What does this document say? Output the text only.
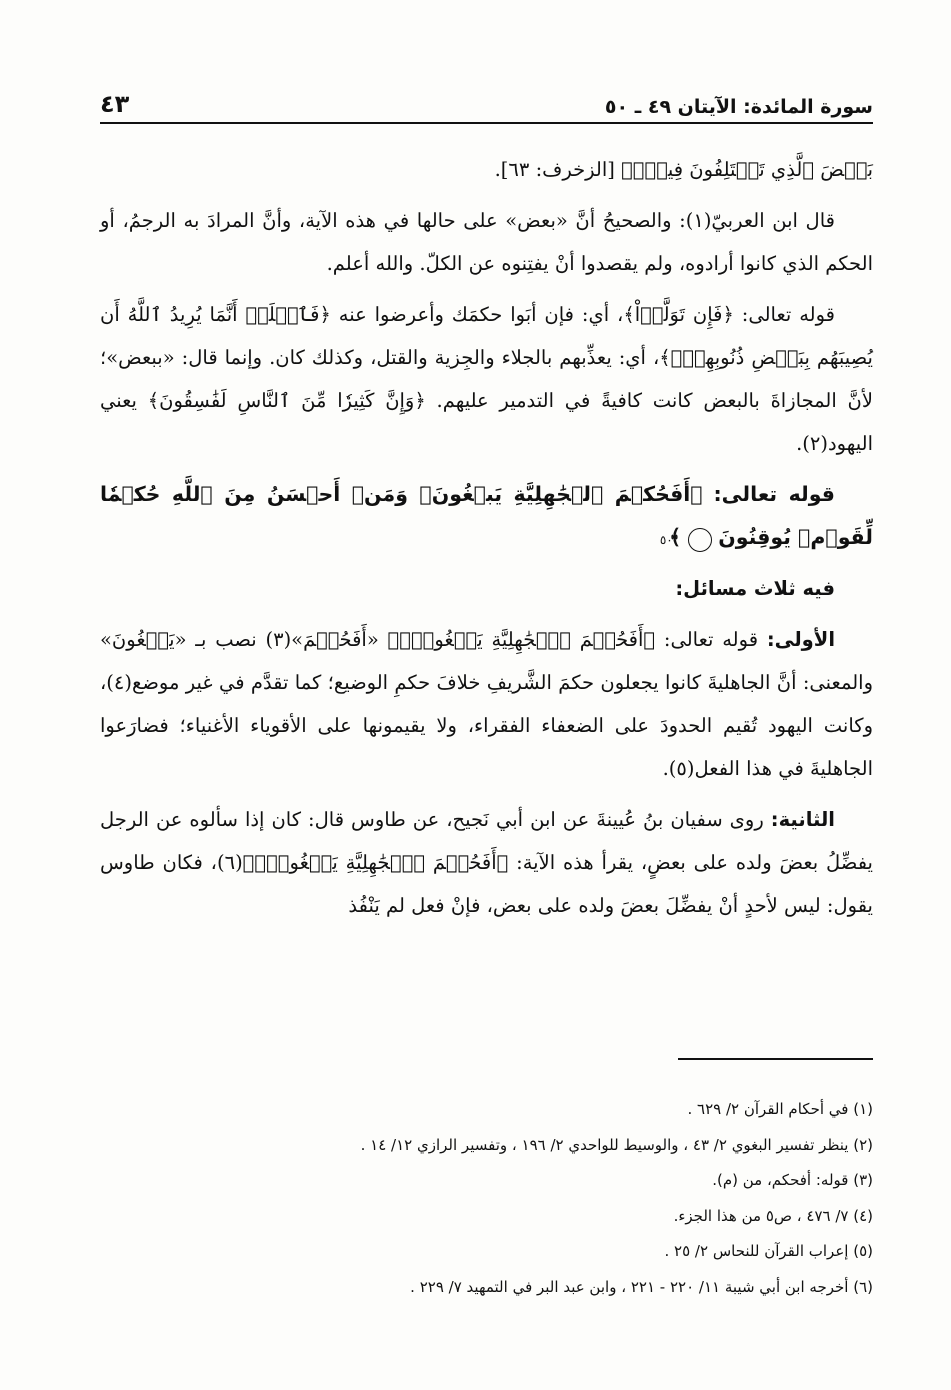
سورة المائدة: الآيتان ٤٩ ـ ٥٠
٤٣

بَعۡضَ ٱلَّذِي تَخۡتَلِفُونَ فِيهِۖ﴾ [الزخرف: ٦٣].

قال ابن العربيّ(١): والصحيحُ أنَّ «بعض» على حالها في هذه الآية، وأنَّ المرادَ به الرجمُ، أو الحكم الذي كانوا أرادوه، ولم يقصدوا أنْ يفتِنوه عن الكلّ. والله أعلم.

قوله تعالى: ﴿فَإِن تَوَلَّوۡاْ﴾، أي: فإن أبَوا حكمَك وأعرضوا عنه ﴿فَٱعۡلَمۡ أَنَّمَا يُرِيدُ ٱللَّهُ أَن يُصِيبَهُم بِبَعۡضِ ذُنُوبِهِمۡۗ﴾، أي: يعذِّبهم بالجلاء والجِزية والقتل، وكذلك كان. وإنما قال: «ببعض»؛ لأنَّ المجازاةَ بالبعض كانت كافيةً في التدمير عليهم. ﴿وَإِنَّ كَثِيرٗا مِّنَ ٱلنَّاسِ لَفَٰسِقُونَ﴾ يعني اليهود(٢).

قوله تعالى: ﴿أَفَحُكۡمَ ٱلۡجَٰهِلِيَّةِ يَبۡغُونَۚ وَمَنۡ أَحۡسَنُ مِنَ ٱللَّهِ حُكۡمٗا لِّقَوۡمٖ يُوقِنُونَ ٥٠ ﴾

فيه ثلاث مسائل:

الأولى: قوله تعالى: ﴿أَفَحُكۡمَ ٱلۡجَٰهِلِيَّةِ يَبۡغُونَۚ﴾ «أَفَحُكۡمَ»(٣) نصب بـ «يَبۡغُونَ» والمعنى: أنَّ الجاهليةَ كانوا يجعلون حكمَ الشَّريفِ خلافَ حكمِ الوضيع؛ كما تقدَّم في غير موضع(٤)، وكانت اليهود تُقيم الحدودَ على الضعفاء الفقراء، ولا يقيمونها على الأقوياء الأغنياء؛ فضارَعوا الجاهليةَ في هذا الفعل(٥).

الثانية: روى سفيان بنُ عُيينةَ عن ابن أبي نَجيح، عن طاوس قال: كان إذا سألوه عن الرجل يفضِّلُ بعضَ ولده على بعضٍ، يقرأ هذه الآية: ﴿أَفَحُكۡمَ ٱلۡجَٰهِلِيَّةِ يَبۡغُونَۚ﴾(٦)، فكان طاوس يقول: ليس لأحدٍ أنْ يفضِّلَ بعضَ ولده على بعض، فإنْ فعل لم يَنْفُذ

(١) في أحكام القرآن ٢/ ٦٢٩ .
(٢) ينظر تفسير البغوي ٢/ ٤٣ ، والوسيط للواحدي ٢/ ١٩٦ ، وتفسير الرازي ١٢/ ١٤ .
(٣) قوله: أفحكم، من (م).
(٤) ٧/ ٤٧٦ ، ص٥ من هذا الجزء.
(٥) إعراب القرآن للنحاس ٢/ ٢٥ .
(٦) أخرجه ابن أبي شيبة ١١/ ٢٢٠ - ٢٢١ ، وابن عبد البر في التمهيد ٧/ ٢٢٩ .
